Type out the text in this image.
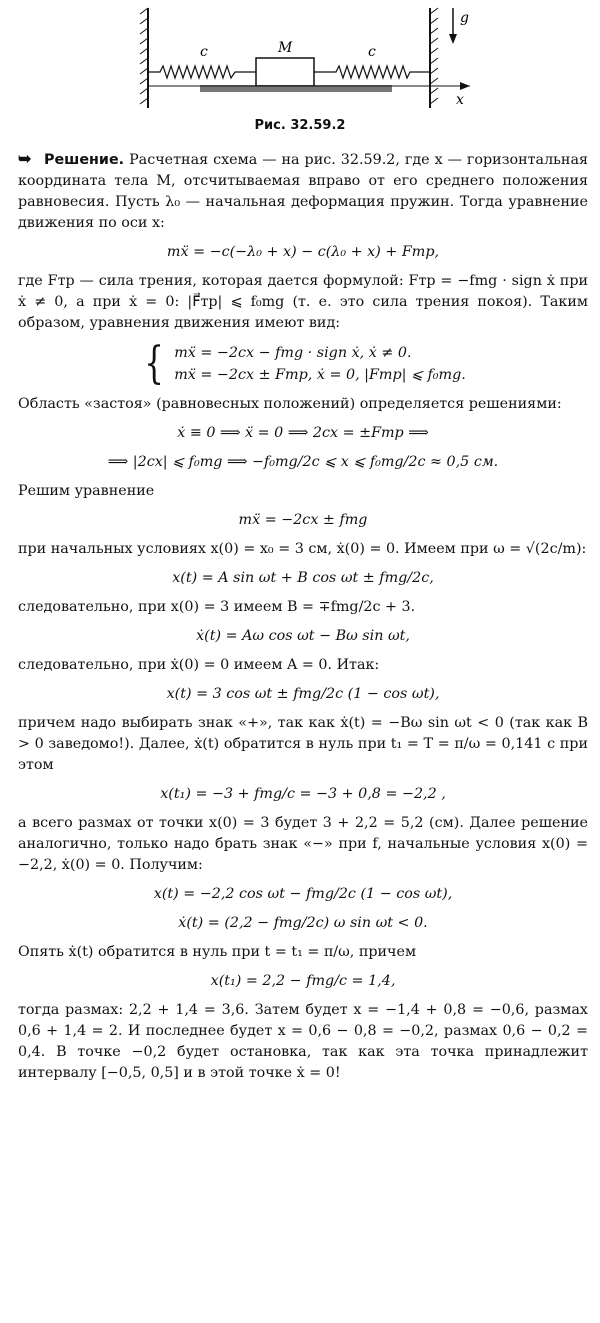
g
c	M	c
x
Рис. 32.59.2

➥ Решение. Расчетная схема — на рис. 32.59.2, где x — горизонтальная координата тела M, отсчитываемая вправо от его среднего положения равновесия. Пусть λ₀ — начальная деформация пружин. Тогда уравнение движения по оси x:

mẍ = −c(−λ₀ + x) − c(λ₀ + x) + Fтр,

где Fтр — сила трения, которая дается формулой: Fтр = −fmg · sign ẋ при ẋ ≠ 0, а при ẋ = 0: |F⃗тр| ⩽ f₀mg (т. е. это сила трения покоя). Таким образом, уравнения движения имеют вид:

{ mẍ = −2cx − fmg · sign ẋ, ẋ ≠ 0.
mẍ = −2cx ± Fтр, ẋ = 0, |Fтр| ⩽ f₀mg.

Область «застоя» (равновесных положений) определяется решениями:

ẋ ≡ 0 ⟹ ẍ = 0 ⟹ 2cx = ±Fтр ⟹
⟹ |2cx| ⩽ f₀mg ⟹ −f₀mg/2c ⩽ x ⩽ f₀mg/2c ≈ 0,5 см.

Решим уравнение

mẍ = −2cx ± fmg

при начальных условиях x(0) = x₀ = 3 см, ẋ(0) = 0. Имеем при ω = √(2c/m):

x(t) = A sin ωt + B cos ωt ± fmg/2c,

следовательно, при x(0) = 3 имеем B = ∓fmg/2c + 3.

ẋ(t) = Aω cos ωt − Bω sin ωt,

следовательно, при ẋ(0) = 0 имеем A = 0. Итак:

x(t) = 3 cos ωt ± fmg/2c (1 − cos ωt),

причем надо выбирать знак «+», так как ẋ(t) = −Bω sin ωt < 0 (так как B > 0 заведомо!). Далее, ẋ(t) обратится в нуль при t₁ = T = π/ω = 0,141 с при этом

x(t₁) = −3 + fmg/c = −3 + 0,8 = −2,2 ,

а всего размах от точки x(0) = 3 будет 3 + 2,2 = 5,2 (см). Далее решение аналогично, только надо брать знак «−» при f, начальные условия x(0) = −2,2, ẋ(0) = 0. Получим:

x(t) = −2,2 cos ωt − fmg/2c (1 − cos ωt),
ẋ(t) = (2,2 − fmg/2c) ω sin ωt < 0.

Опять ẋ(t) обратится в нуль при t = t₁ = π/ω, причем

x(t₁) = 2,2 − fmg/c = 1,4,

тогда размах: 2,2 + 1,4 = 3,6. Затем будет x = −1,4 + 0,8 = −0,6, размах 0,6 + 1,4 = 2. И последнее будет x = 0,6 − 0,8 = −0,2, размах 0,6 − 0,2 = 0,4. В точке −0,2 будет остановка, так как эта точка принадлежит интервалу [−0,5, 0,5] и в этой точке ẋ = 0!
